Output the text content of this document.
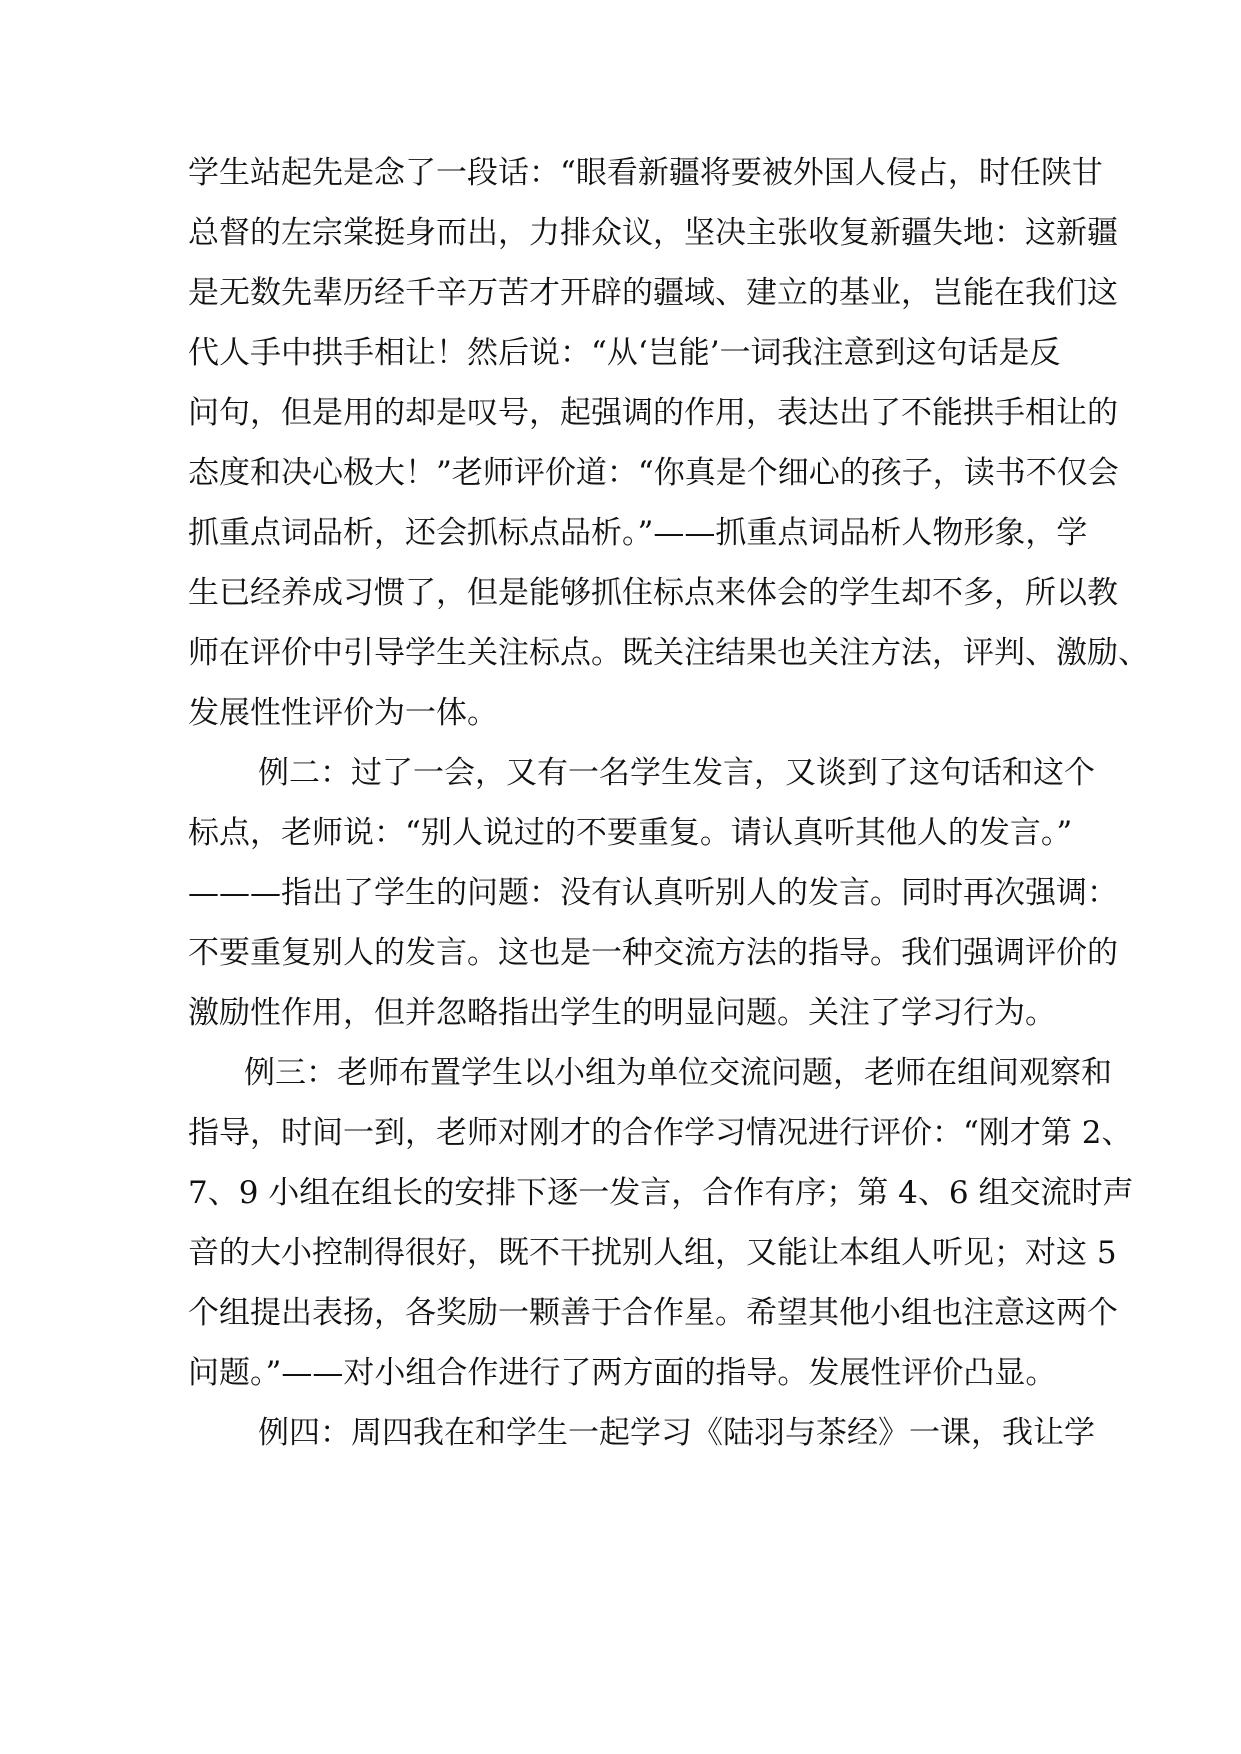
学生站起先是念了一段话：“眼看新疆将要被外国人侵占，时任陕甘

总督的左宗棠挺身而出，力排众议，坚决主张收复新疆失地：这新疆

是无数先辈历经千辛万苦才开辟的疆域、建立的基业，岂能在我们这

代人手中拱手相让！然后说：“从‘岂能’一词我注意到这句话是反

问句，但是用的却是叹号，起强调的作用，表达出了不能拱手相让的

态度和决心极大！”老师评价道：“你真是个细心的孩子，读书不仅会

抓重点词品析，还会抓标点品析。”——抓重点词品析人物形象，学

生已经养成习惯了，但是能够抓住标点来体会的学生却不多，所以教

师在评价中引导学生关注标点。既关注结果也关注方法，评判、激励、

发展性性评价为一体。

例二：过了一会，又有一名学生发言，又谈到了这句话和这个

标点，老师说：“别人说过的不要重复。请认真听其他人的发言。”

———指出了学生的问题：没有认真听别人的发言。同时再次强调：

不要重复别人的发言。这也是一种交流方法的指导。我们强调评价的

激励性作用，但并忽略指出学生的明显问题。关注了学习行为。

例三：老师布置学生以小组为单位交流问题，老师在组间观察和

指导，时间一到，老师对刚才的合作学习情况进行评价：“刚才第 2、

7、9 小组在组长的安排下逐一发言，合作有序；第 4、6 组交流时声

音的大小控制得很好，既不干扰别人组，又能让本组人听见；对这 5

个组提出表扬，各奖励一颗善于合作星。希望其他小组也注意这两个

问题。”——对小组合作进行了两方面的指导。发展性评价凸显。

例四：周四我在和学生一起学习《陆羽与茶经》一课，我让学
